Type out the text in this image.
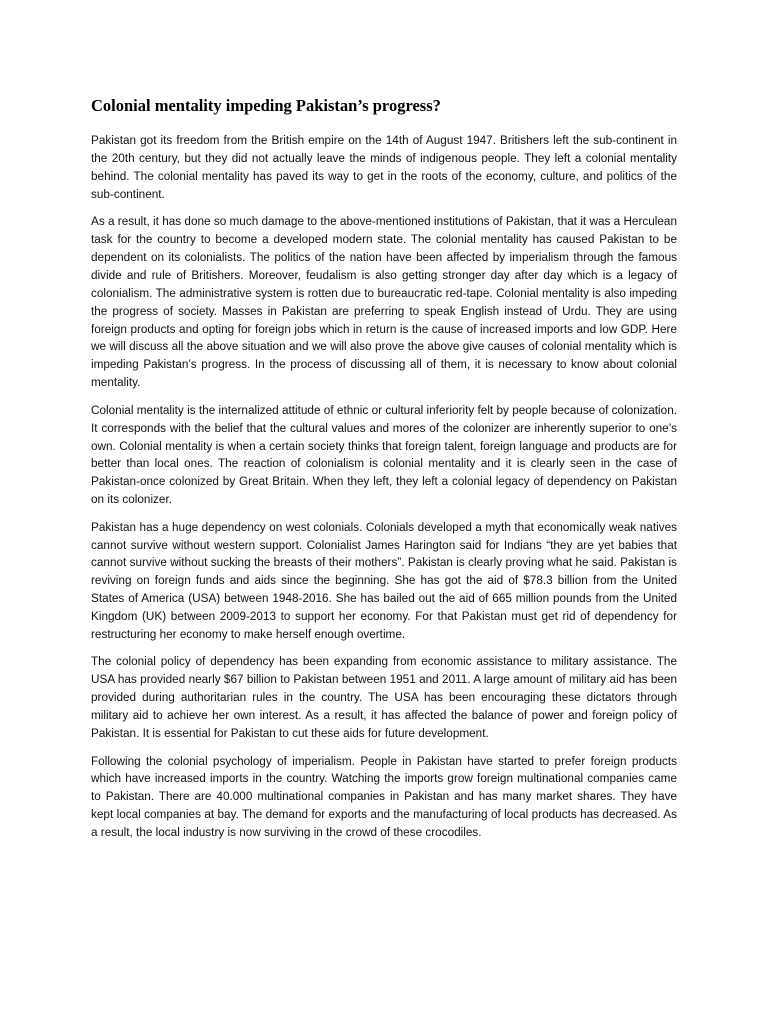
Colonial mentality impeding Pakistan’s progress?

Pakistan got its freedom from the British empire on the 14th of August 1947. Britishers left the sub-continent in the 20th century, but they did not actually leave the minds of indigenous people. They left a colonial mentality behind. The colonial mentality has paved its way to get in the roots of the economy, culture, and politics of the sub-continent.

As a result, it has done so much damage to the above-mentioned institutions of Pakistan, that it was a Herculean task for the country to become a developed modern state. The colonial mentality has caused Pakistan to be dependent on its colonialists. The politics of the nation have been affected by imperialism through the famous divide and rule of Britishers. Moreover, feudalism is also getting stronger day after day which is a legacy of colonialism. The administrative system is rotten due to bureaucratic red-tape. Colonial mentality is also impeding the progress of society. Masses in Pakistan are preferring to speak English instead of Urdu. They are using foreign products and opting for foreign jobs which in return is the cause of increased imports and low GDP. Here we will discuss all the above situation and we will also prove the above give causes of colonial mentality which is impeding Pakistan’s progress. In the process of discussing all of them, it is necessary to know about colonial mentality.

Colonial mentality is the internalized attitude of ethnic or cultural inferiority felt by people because of colonization. It corresponds with the belief that the cultural values and mores of the colonizer are inherently superior to one’s own. Colonial mentality is when a certain society thinks that foreign talent, foreign language and products are for better than local ones. The reaction of colonialism is colonial mentality and it is clearly seen in the case of Pakistan-once colonized by Great Britain. When they left, they left a colonial legacy of dependency on Pakistan on its colonizer.

Pakistan has a huge dependency on west colonials. Colonials developed a myth that economically weak natives cannot survive without western support. Colonialist James Harington said for Indians “they are yet babies that cannot survive without sucking the breasts of their mothers”. Pakistan is clearly proving what he said. Pakistan is reviving on foreign funds and aids since the beginning. She has got the aid of $78.3 billion from the United States of America (USA) between 1948-2016. She has bailed out the aid of 665 million pounds from the United Kingdom (UK) between 2009-2013 to support her economy. For that Pakistan must get rid of dependency for restructuring her economy to make herself enough overtime.

The colonial policy of dependency has been expanding from economic assistance to military assistance. The USA has provided nearly $67 billion to Pakistan between 1951 and 2011. A large amount of military aid has been provided during authoritarian rules in the country. The USA has been encouraging these dictators through military aid to achieve her own interest. As a result, it has affected the balance of power and foreign policy of Pakistan. It is essential for Pakistan to cut these aids for future development.

Following the colonial psychology of imperialism. People in Pakistan have started to prefer foreign products which have increased imports in the country. Watching the imports grow foreign multinational companies came to Pakistan. There are 40.000 multinational companies in Pakistan and has many market shares. They have kept local companies at bay. The demand for exports and the manufacturing of local products has decreased. As a result, the local industry is now surviving in the crowd of these crocodiles.
